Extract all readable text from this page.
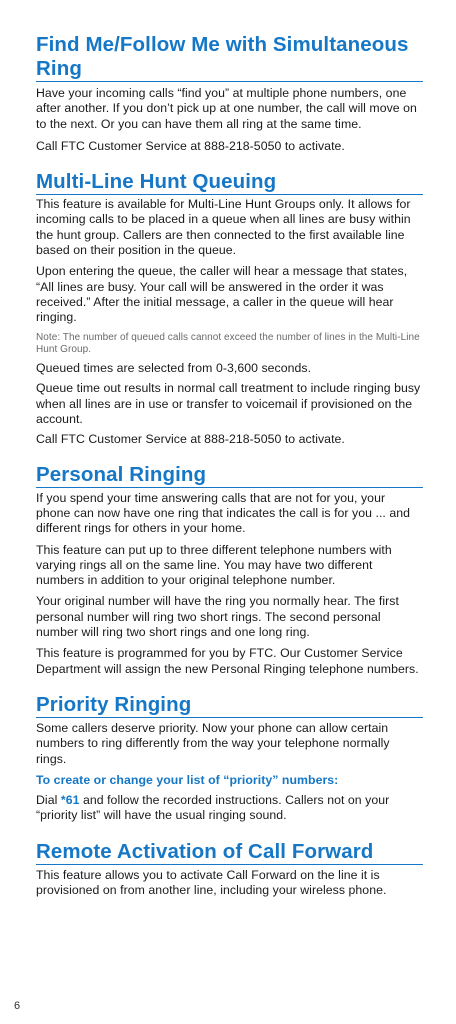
Find Me/Follow Me with Simultaneous Ring

Have your incoming calls “find you” at multiple phone numbers, one after another. If you don’t pick up at one number, the call will move on to the next. Or you can have them all ring at the same time.

Call FTC Customer Service at 888-218-5050 to activate.

Multi-Line Hunt Queuing

This feature is available for Multi-Line Hunt Groups only. It allows for incoming calls to be placed in a queue when all lines are busy within the hunt group. Callers are then connected to the first available line based on their position in the queue.

Upon entering the queue, the caller will hear a message that states, “All lines are busy. Your call will be answered in the order it was received.” After the initial message, a caller in the queue will hear ringing.

Note: The number of queued calls cannot exceed the number of lines in the Multi-Line Hunt Group.

Queued times are selected from 0-3,600 seconds.

Queue time out results in normal call treatment to include ringing busy when all lines are in use or transfer to voicemail if provisioned on the account.

Call FTC Customer Service at 888-218-5050 to activate.

Personal Ringing

If you spend your time answering calls that are not for you, your phone can now have one ring that indicates the call is for you ... and different rings for others in your home.

This feature can put up to three different telephone numbers with varying rings all on the same line. You may have two different numbers in addition to your original telephone number.

Your original number will have the ring you normally hear. The first personal number will ring two short rings. The second personal number will ring two short rings and one long ring.

This feature is programmed for you by FTC. Our Customer Service Department will assign the new Personal Ringing telephone numbers.

Priority Ringing

Some callers deserve priority. Now your phone can allow certain numbers to ring differently from the way your telephone normally rings.

To create or change your list of “priority” numbers:

Dial *61 and follow the recorded instructions. Callers not on your “priority list” will have the usual ringing sound.

Remote Activation of Call Forward

This feature allows you to activate Call Forward on the line it is provisioned on from another line, including your wireless phone.

6
